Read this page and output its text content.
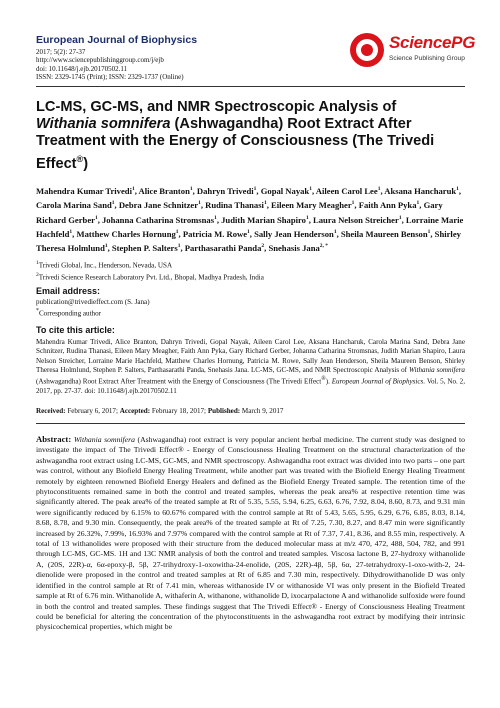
European Journal of Biophysics
2017; 5(2): 27-37
http://www.sciencepublishinggroup.com/j/ejb
doi: 10.11648/j.ejb.20170502.11
ISSN: 2329-1745 (Print); ISSN: 2329-1737 (Online)
SciencePG
Science Publishing Group
LC-MS, GC-MS, and NMR Spectroscopic Analysis of
Withania somnifera (Ashwagandha) Root Extract After
Treatment with the Energy of Consciousness (The Trivedi
Effect®)
Mahendra Kumar Trivedi$^1$, Alice Branton$^1$, Dahryn Trivedi$^1$, Gopal Nayak$^1$, Aileen Carol Lee$^1$, Aksana Hancharuk$^1$, Carola Marina Sand$^1$, Debra Jane Schnitzer$^1$, Rudina Thanasi$^1$, Eileen Mary Meagher$^1$, Faith Ann Pyka$^1$, Gary Richard Gerber$^1$, Johanna Catharina Stromsnas$^1$, Judith Marian Shapiro$^1$, Laura Nelson Streicher$^1$, Lorraine Marie Hachfeld$^1$, Matthew Charles Hornung$^1$, Patricia M. Rowe$^1$, Sally Jean Henderson$^1$, Sheila Maureen Benson$^1$, Shirley Theresa Holmlund$^1$, Stephen P. Salters$^1$, Parthasarathi Panda$^2$, Snehasis Jana$^{2, *}$
$^1$Trivedi Global, Inc., Henderson, Nevada, USA
$^2$Trivedi Science Research Laboratory Pvt. Ltd., Bhopal, Madhya Pradesh, India
Email address:
publication@trivedieffect.com (S. Jana)
*Corresponding author
To cite this article:
Mahendra Kumar Trivedi, Alice Branton, Dahryn Trivedi, Gopal Nayak, Aileen Carol Lee, Aksana Hancharuk, Carola Marina Sand, Debra Jane Schnitzer, Rudina Thanasi, Eileen Mary Meagher, Faith Ann Pyka, Gary Richard Gerber, Johanna Catharina Stromsnas, Judith Marian Shapiro, Laura Nelson Streicher, Lorraine Marie Hachfeld, Matthew Charles Hornung, Patricia M. Rowe, Sally Jean Henderson, Sheila Maureen Benson, Shirley Theresa Holmlund, Stephen P. Salters, Parthasarathi Panda, Snehasis Jana. LC-MS, GC-MS, and NMR Spectroscopic Analysis of Withania somnifera (Ashwagandha) Root Extract After Treatment with the Energy of Consciousness (The Trivedi Effect®). European Journal of Biophysics. Vol. 5, No. 2, 2017, pp. 27-37. doi: 10.11648/j.ejb.20170502.11
Received: February 6, 2017; Accepted: February 18, 2017; Published: March 9, 2017
Abstract: Withania somnifera (Ashwagandha) root extract is very popular ancient herbal medicine. The current study was designed to investigate the impact of The Trivedi Effect® - Energy of Consciousness Healing Treatment on the structural characterization of the ashwagandha root extract using LC-MS, GC-MS, and NMR spectroscopy. Ashwagandha root extract was divided into two parts – one part was control, without any Biofield Energy Healing Treatment, while another part was treated with the Biofield Energy Healing Treatment remotely by eighteen renowned Biofield Energy Healers and defined as the Biofield Energy Treated sample. The retention time of the phytoconstituents remained same in both the control and treated samples, whereas the peak area% at respective retention time was significantly altered. The peak area% of the treated sample at Rt of 5.35, 5.55, 5.94, 6.25, 6.63, 6.76, 7.92, 8.04, 8.60, 8.73, and 9.31 min were significantly reduced by 6.15% to 60.67% compared with the control sample at Rt of 5.43, 5.65, 5.95, 6.29, 6.76, 6.85, 8.03, 8.14, 8.68, 8.78, and 9.30 min. Consequently, the peak area% of the treated sample at Rt of 7.25, 7.30, 8.27, and 8.47 min were significantly increased by 26.32%, 7.99%, 16.93% and 7.97% compared with the control sample at Rt of 7.37, 7.41, 8.36, and 8.55 min, respectively. A total of 13 withanolides were proposed with their structure from the deduced molecular mass at m/z 470, 472, 488, 504, 782, and 991 through LC-MS, GC-MS. 1H and 13C NMR analysis of both the control and treated samples. Viscosa lactone B, 27-hydroxy withanolide A, (20S, 22R)-α, 6α-epoxy-β, 5β, 27-trihydroxy-1-oxowitha-24-enolide, (20S, 22R)-4β, 5β, 6α, 27-tetrahydroxy-1-oxo-with-2, 24-dienolide were proposed in the control and treated samples at Rt of 6.85 and 7.30 min, respectively. Dihydrowithanolide D was only identified in the control sample at Rt of 7.41 min, whereas withanoside IV or withanoside VI was only present in the Biofield Treated sample at Rt of 6.76 min. Withanolide A, withaferin A, withanone, withanolide D, ixocarpalactone A and withanolide sulfoxide were found in both the control and treated samples. These findings suggest that The Trivedi Effect® - Energy of Consciousness Healing Treatment could be beneficial for altering the concentration of the phytoconstituents in the ashwagandha root extract by modifying their intrinsic physicochemical properties, which might be
